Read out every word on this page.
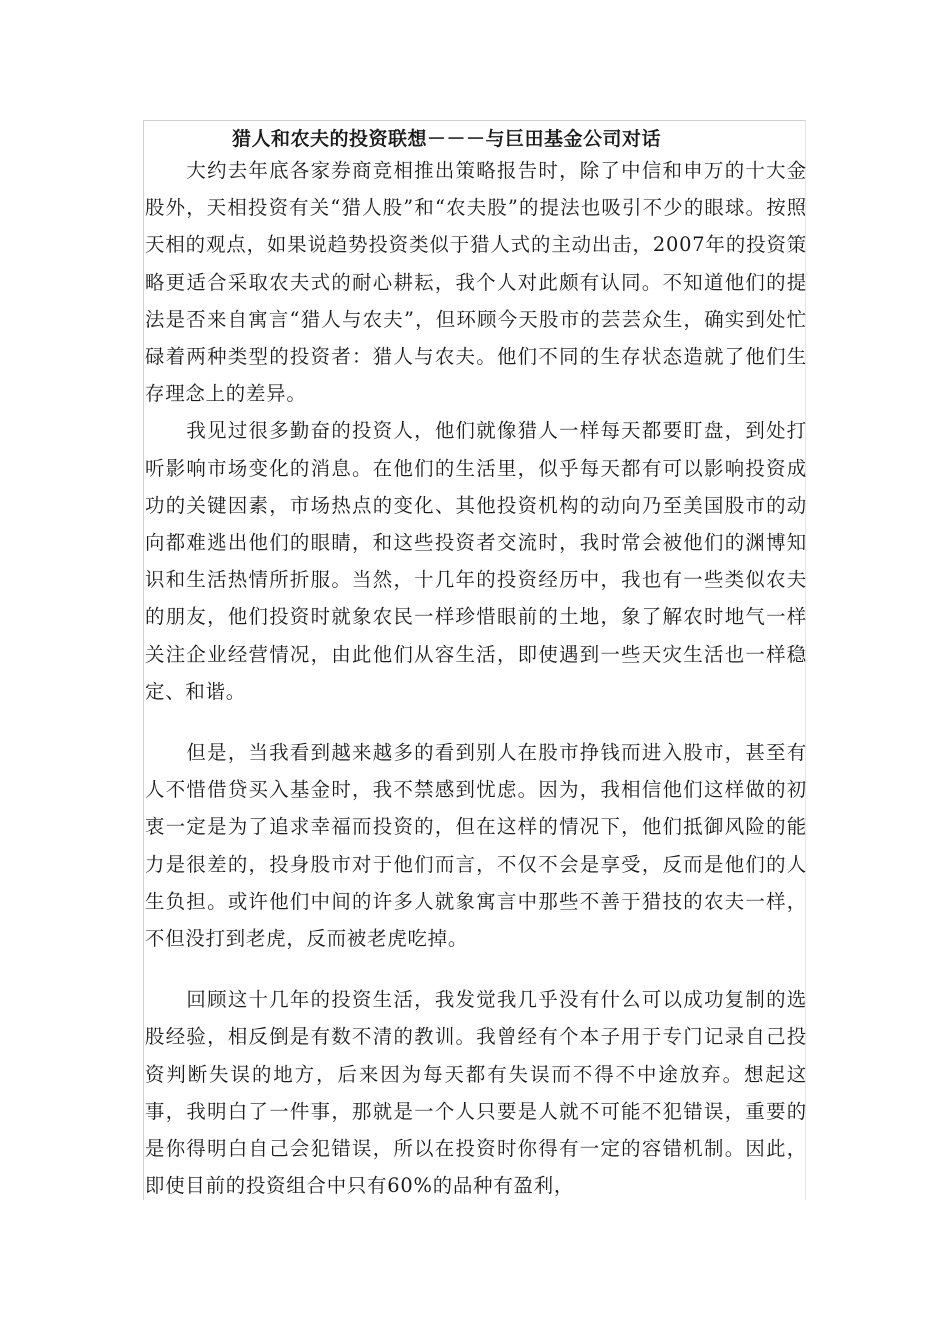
猎人和农夫的投资联想－－－与巨田基金公司对话

　　大约去年底各家券商竞相推出策略报告时，除了中信和申万的十大金股外，天相投资有关“猎人股”和“农夫股”的提法也吸引不少的眼球。按照天相的观点，如果说趋势投资类似于猎人式的主动出击，2007年的投资策略更适合采取农夫式的耐心耕耘，我个人对此颇有认同。不知道他们的提法是否来自寓言“猎人与农夫”，但环顾今天股市的芸芸众生，确实到处忙碌着两种类型的投资者：猎人与农夫。他们不同的生存状态造就了他们生存理念上的差异。

　　我见过很多勤奋的投资人，他们就像猎人一样每天都要盯盘，到处打听影响市场变化的消息。在他们的生活里，似乎每天都有可以影响投资成功的关键因素，市场热点的变化、其他投资机构的动向乃至美国股市的动向都难逃出他们的眼睛，和这些投资者交流时，我时常会被他们的渊博知识和生活热情所折服。当然，十几年的投资经历中，我也有一些类似农夫的朋友，他们投资时就象农民一样珍惜眼前的土地，象了解农时地气一样关注企业经营情况，由此他们从容生活，即使遇到一些天灾生活也一样稳定、和谐。

　　但是，当我看到越来越多的看到别人在股市挣钱而进入股市，甚至有人不惜借贷买入基金时，我不禁感到忧虑。因为，我相信他们这样做的初衷一定是为了追求幸福而投资的，但在这样的情况下，他们抵御风险的能力是很差的，投身股市对于他们而言，不仅不会是享受，反而是他们的人生负担。或许他们中间的许多人就象寓言中那些不善于猎技的农夫一样，不但没打到老虎，反而被老虎吃掉。

　　回顾这十几年的投资生活，我发觉我几乎没有什么可以成功复制的选股经验，相反倒是有数不清的教训。我曾经有个本子用于专门记录自己投资判断失误的地方，后来因为每天都有失误而不得不中途放弃。想起这事，我明白了一件事，那就是一个人只要是人就不可能不犯错误，重要的是你得明白自己会犯错误，所以在投资时你得有一定的容错机制。因此，即使目前的投资组合中只有60%的品种有盈利，
